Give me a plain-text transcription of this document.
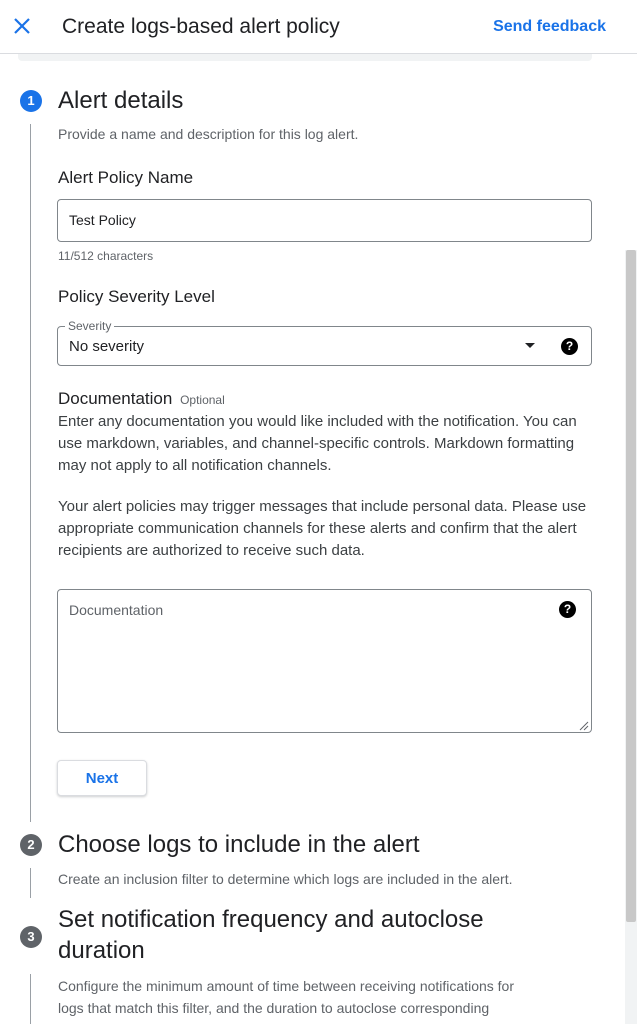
Create logs-based alert policy	Send feedback
1 Alert details
Provide a name and description for this log alert.
Alert Policy Name
Test Policy
11/512 characters
Policy Severity Level
Severity
No severity	?
Documentation Optional
Enter any documentation you would like included with the notification. You can use markdown, variables, and channel-specific controls. Markdown formatting may not apply to all notification channels.
Your alert policies may trigger messages that include personal data. Please use appropriate communication channels for these alerts and confirm that the alert recipients are authorized to receive such data.
Documentation	?
Next
2 Choose logs to include in the alert
Create an inclusion filter to determine which logs are included in the alert.
3
Set notification frequency and autoclose
duration
Configure the minimum amount of time between receiving notifications for
logs that match this filter, and the duration to autoclose corresponding
